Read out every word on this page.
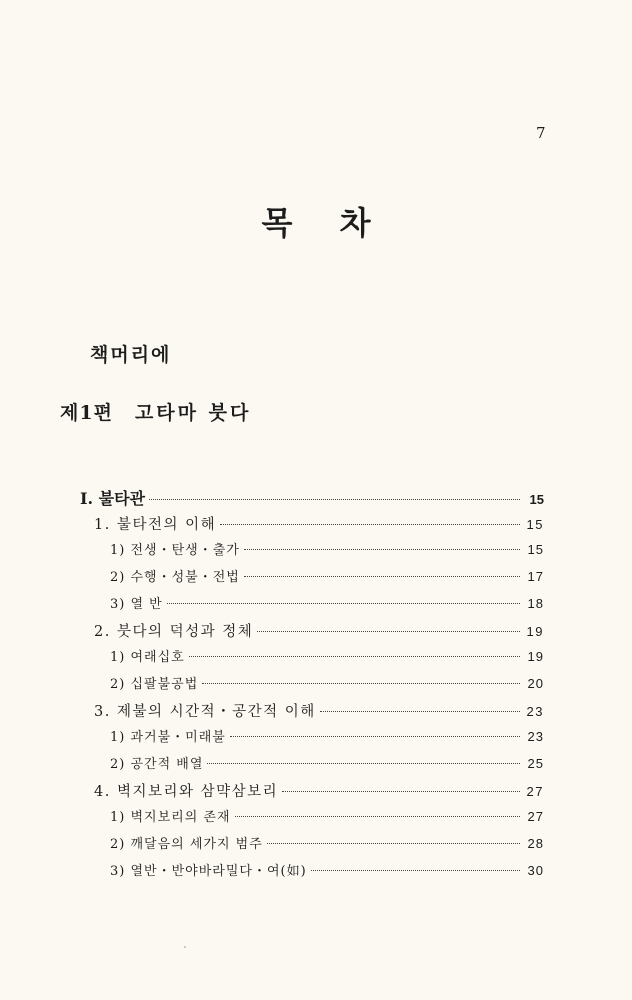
7
목 차
책머리에
제1편 고타마 붓다
I. 불타관	15
1. 불타전의 이해	15
1) 전생・탄생・출가	15
2) 수행・성불・전법	17
3) 열 반	18
2. 붓다의 덕성과 정체	19
1) 여래십호	19
2) 십팔불공법	20
3. 제불의 시간적・공간적 이해	23
1) 과거불・미래불	23
2) 공간적 배열	25
4. 벽지보리와 삼먁삼보리	27
1) 벽지보리의 존재	27
2) 깨달음의 세가지 범주	28
3) 열반・반야바라밀다・여(如)	30
